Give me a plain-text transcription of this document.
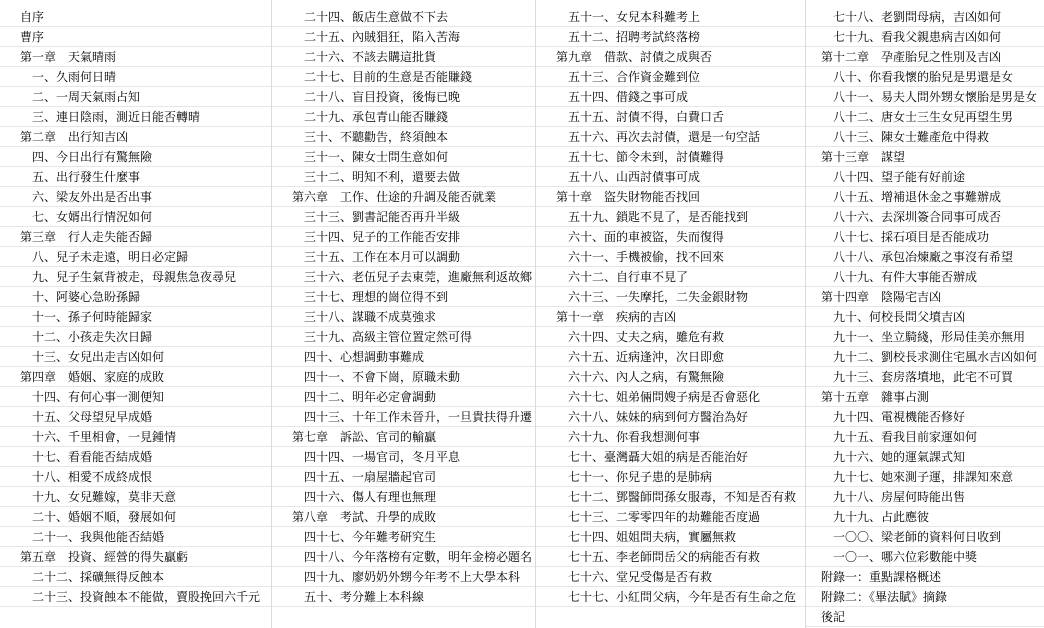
自序
曹序
第一章　天氣晴雨
一、久雨何日晴
二、一周天氣雨占知
三、連日陰雨，測近日能否轉晴
第二章　出行知吉凶
四、今日出行有驚無險
五、出行發生什麼事
六、梁友外出是否出事
七、女婿出行情況如何
第三章　行人走失能否歸
八、兒子未走遠，明日必定歸
九、兒子生氣背被走，母親焦急夜尋兒
十、阿婆心急盼孫歸
十一、孫子何時能歸家
十二、小孩走失次日歸
十三、女兒出走吉凶如何
第四章　婚姻、家庭的成敗
十四、有何心事一測便知
十五、父母望兒早成婚
十六、千里相會，一見鍾情
十七、看看能否結成婚
十八、相愛不成終成恨
十九、女兒難嫁，莫非天意
二十、婚姻不順，發展如何
二十一、我與他能否結婚
第五章　投資、經營的得失贏虧
二十二、採礦無得反蝕本
二十三、投資蝕本不能做，賣股挽回六千元
二十四、飯店生意做不下去
二十五、內賊猖狂，陷入苦海
二十六、不該去購這批貨
二十七、目前的生意是否能賺錢
二十八、盲目投資，後悔已晚
二十九、承包青山能否賺錢
三十、不聽勸告，終須蝕本
三十一、陳女士問生意如何
三十二、明知不利，還要去做
第六章　工作、仕途的升調及能否就業
三十三、劉書記能否再升半級
三十四、兒子的工作能否安排
三十五、工作在本月可以調動
三十六、老伍兒子去東莞，進廠無利返故鄉
三十七、理想的崗位得不到
三十八、謀職不成莫強求
三十九、高級主管位置定然可得
四十、心想調動事難成
四十一、不會下崗，原職未動
四十二、明年必定會調動
四十三、十年工作未晉升，一旦貴扶得升遷
第七章　訴訟、官司的輸贏
四十四、一場官司，冬月平息
四十五、一扇屋牆起官司
四十六、傷人有理也無理
第八章　考試、升學的成敗
四十七、今年難考研究生
四十八、今年落榜有定數，明年金榜必題名
四十九、廖奶奶外甥今年考不上大學本科
五十、考分難上本科線
五十一、女兒本科難考上
五十二、招聘考試終落榜
第九章　借款、討債之成與否
五十三、合作資金難到位
五十四、借錢之事可成
五十五、討債不得，白費口舌
五十六、再次去討債，還是一句空話
五十七、節令未到，討債難得
五十八、山西討債事可成
第十章　盜失財物能否找回
五十九、鎖匙不見了，是否能找到
六十、面的車被盜，失而復得
六十一、手機被偷，找不回來
六十二、自行車不見了
六十三、一失摩托，二失金銀財物
第十一章　疾病的吉凶
六十四、丈夫之病，雖危有救
六十五、近病逢沖，次日即愈
六十六、內人之病，有驚無險
六十七、姐弟倆問嫂子病是否會惡化
六十八、妹妹的病到何方醫治為好
六十九、你看我想測何事
七十、臺灣聶大姐的病是否能治好
七十一、你兒子患的是肺病
七十二、鄧醫師問孫女服毒，不知是否有救
七十三、二零零四年的劫難能否度過
七十四、姐姐問夫病，實屬無救
七十五、李老師問岳父的病能否有救
七十六、堂兄受傷是否有救
七十七、小紅問父病，今年是否有生命之危
七十八、老劉問母病，吉凶如何
七十九、看我父親患病吉凶如何
第十二章　孕產胎兒之性別及吉凶
八十、你看我懷的胎兒是男還是女
八十一、易夫人問外甥女懷胎是男是女
八十二、唐女士三生女兒再望生男
八十三、陳女士難產危中得救
第十三章　謀望
八十四、望子能有好前途
八十五、增補退休金之事難辦成
八十六、去深圳簽合同事可成否
八十七、採石項目是否能成功
八十八、承包冶煉廠之事沒有希望
八十九、有件大事能否辦成
第十四章　陰陽宅吉凶
九十、何校長問父墳吉凶
九十一、坐立騎綫，形局佳美亦無用
九十二、劉校長求測住宅風水吉凶如何
九十三、套房落墳地，此宅不可買
第十五章　雜事占測
九十四、電視機能否修好
九十五、看我目前家運如何
九十六、她的運氣課式知
九十七、她來測子運，排課知來意
九十八、房屋何時能出售
九十九、占此應彼
一〇〇、梁老師的資料何日收到
一〇一、哪六位彩數能中獎
附錄一：重點課格概述
附錄二：《畢法賦》摘錄
後記
